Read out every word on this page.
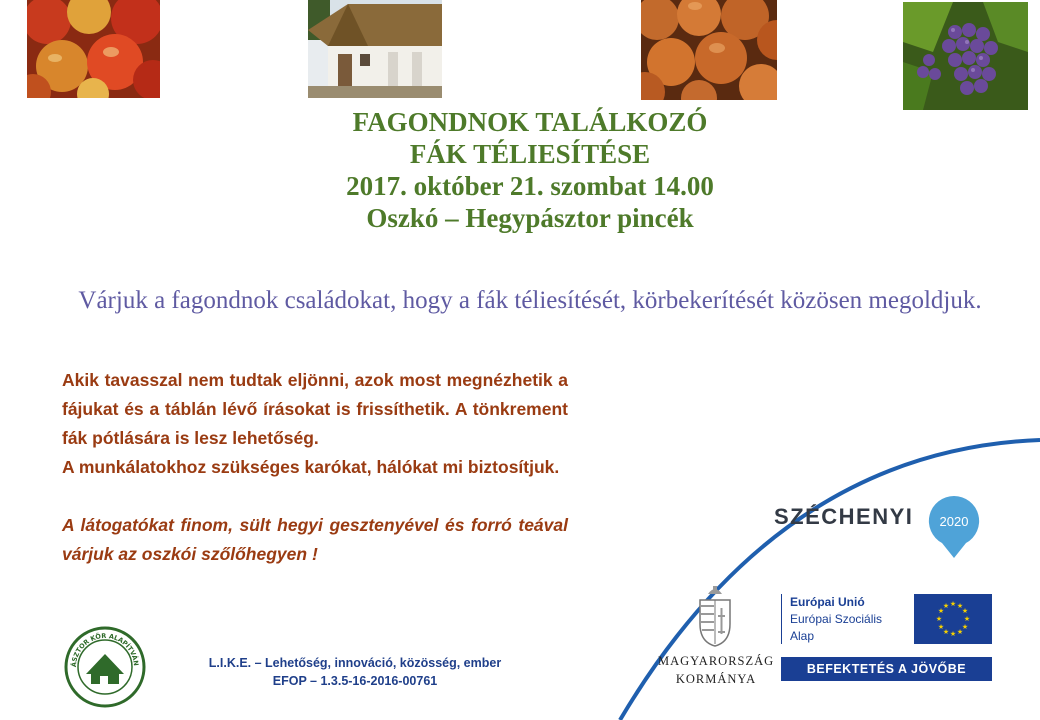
FAGONDNOK TALÁLKOZÓ
FÁK TÉLIESÍTÉSE
2017. október 21. szombat 14.00
Oszkó – Hegypásztor pincék
Várjuk a fagondnok családokat, hogy a fák téliesítését, körbekerítését közösen megoldjuk.

Akik tavasszal nem tudtak eljönni, azok most megnézhetik a fájukat és a táblán lévő írásokat is frissíthetik. A tönkrement fák pótlására is lesz lehetőség.

A munkálatokhoz szükséges karókat, hálókat mi biztosítjuk.

A látogatókat finom, sült hegyi gesztenyével és forró teával várjuk az oszkói szőlőhegyen !

ÁSZTOR KÖR ALAPÍTVÁN	L.I.K.E. – Lehetőség, innováció, közösség, ember
EFOP – 1.3.5-16-2016-00761
SZÉCHENYI 2020
MAGYARORSZÁG
KORMÁNYA
Európai Unió
Európai Szociális
Alap
★ ★
★
★
★
★
★
★
★
★
★
★
BEFEKTETÉS A JÖVŐBE
